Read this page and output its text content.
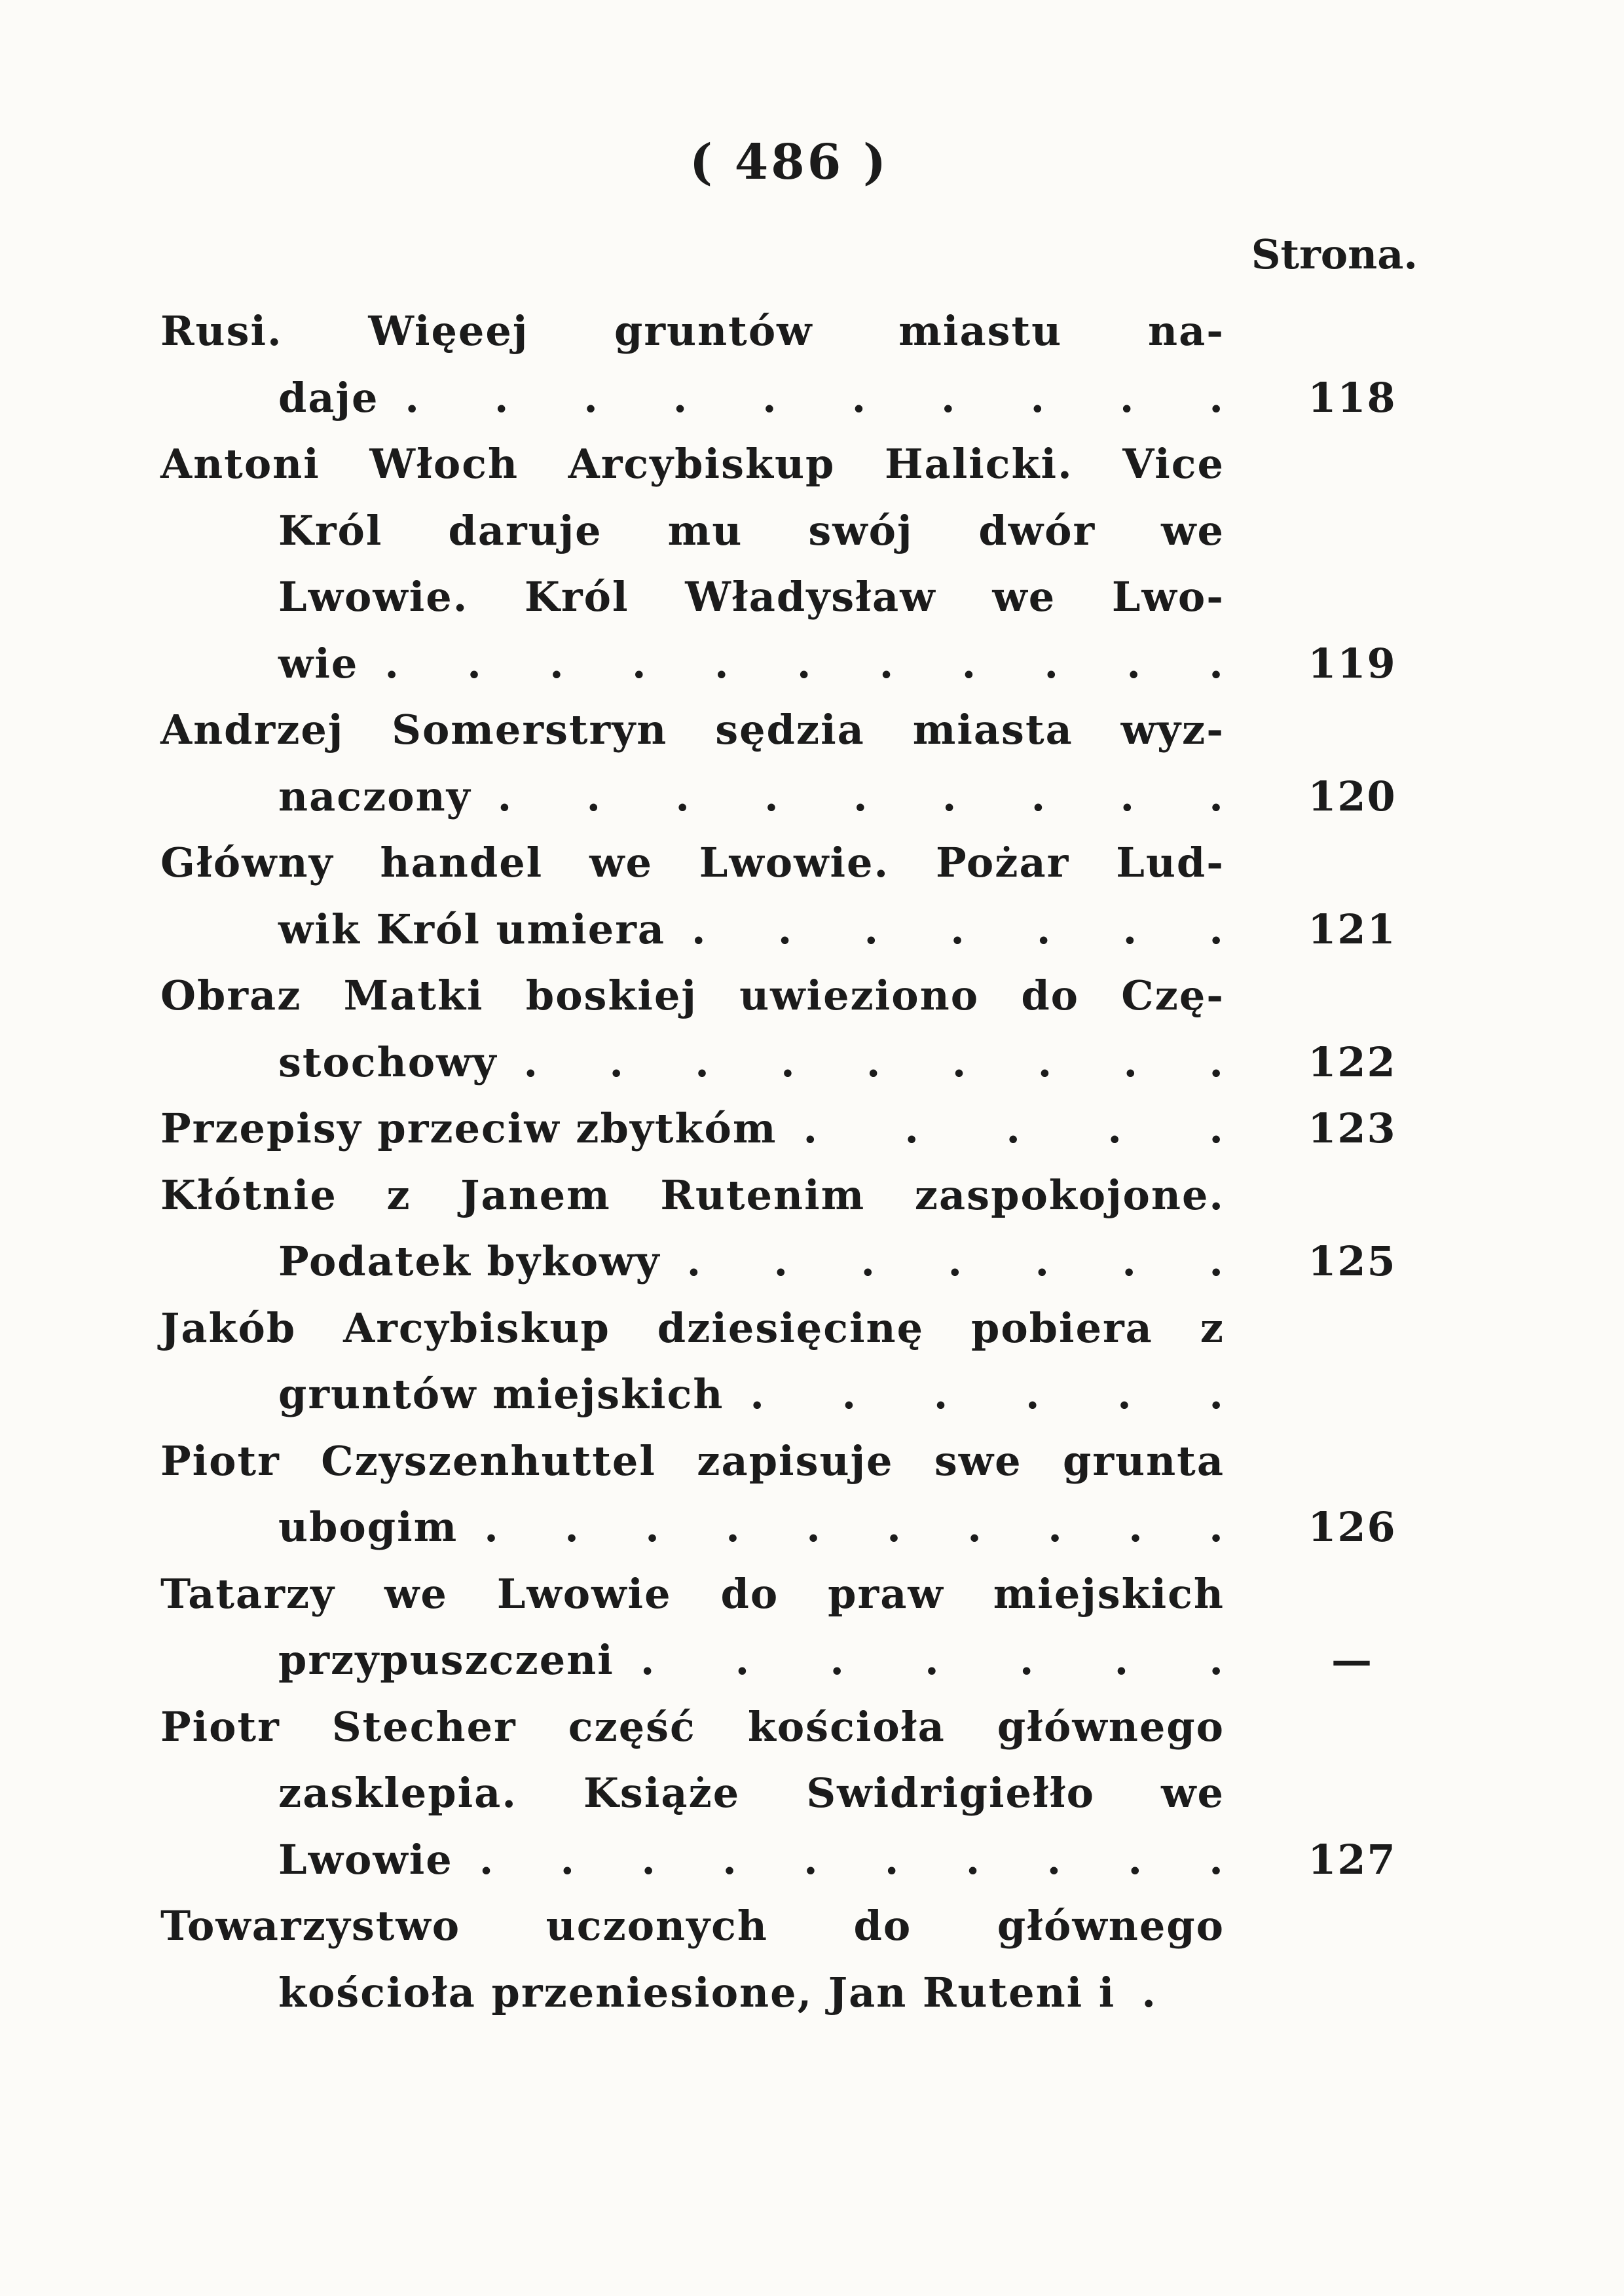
( 486 )
Strona.
Rusi. Więeej gruntów miastu na-
118
daje . . . . . . . . . .
Antoni Włoch Arcybiskup Halicki. Vice
Król daruje mu swój dwór we
Lwowie. Król Władysław we Lwo-
119
wie . . . . . . . . . . .
Andrzej Somerstryn sędzia miasta wyz-
120
naczony . . . . . . . . .
Główny handel we Lwowie. Pożar Lud-
121
wik Król umiera . . . . . . .
Obraz Matki boskiej uwieziono do Czę-
122
stochowy . . . . . . . . .
123
Przepisy przeciw zbytkóm . . . . .
Kłótnie z Janem Rutenim zaspokojone.
125
Podatek bykowy . . . . . . .
Jakób Arcybiskup dziesięcinę pobiera z
gruntów miejskich . . . . . .
Piotr Czyszenhuttel zapisuje swe grunta
126
ubogim . . . . . . . . . .
Tatarzy we Lwowie do praw miejskich
—
przypuszczeni . . . . . . .
Piotr Stecher część kościoła głównego
zasklepia. Książe Swidrigiełło we
127
Lwowie . . . . . . . . . .
Towarzystwo uczonych do głównego
kościoła przeniesione, Jan Ruteni i .
